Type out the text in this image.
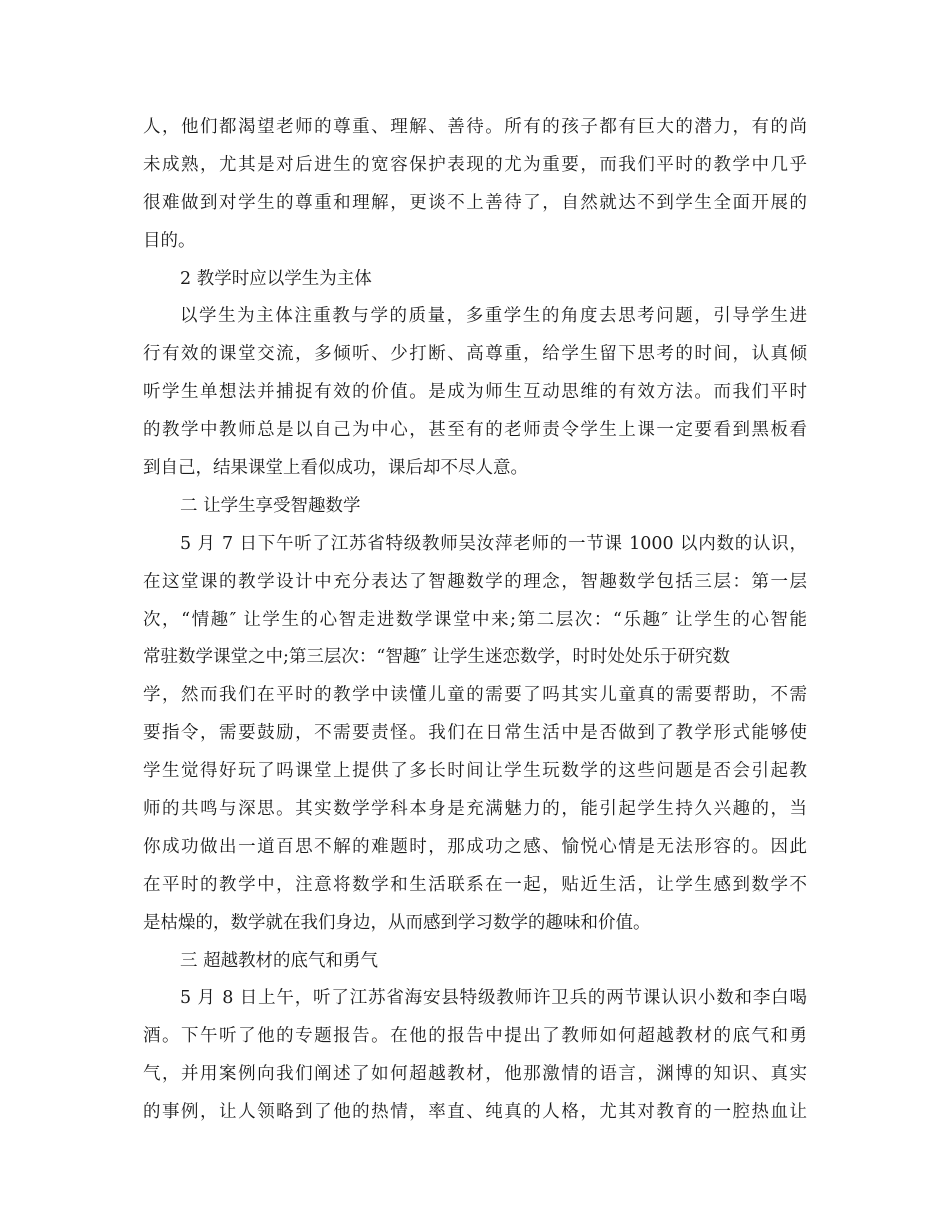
人，他们都渴望老师的尊重、理解、善待。所有的孩子都有巨大的潜力，有的尚
未成熟，尤其是对后进生的宽容保护表现的尤为重要，而我们平时的教学中几乎
很难做到对学生的尊重和理解，更谈不上善待了，自然就达不到学生全面开展的
目的。
2 教学时应以学生为主体
以学生为主体注重教与学的质量，多重学生的角度去思考问题，引导学生进
行有效的课堂交流，多倾听、少打断、高尊重，给学生留下思考的时间，认真倾
听学生单想法并捕捉有效的价值。是成为师生互动思维的有效方法。而我们平时
的教学中教师总是以自己为中心，甚至有的老师责令学生上课一定要看到黑板看
到自己，结果课堂上看似成功，课后却不尽人意。
二 让学生享受智趣数学
5 月 7 日下午听了江苏省特级教师吴汝萍老师的一节课 1000 以内数的认识，
在这堂课的教学设计中充分表达了智趣数学的理念，智趣数学包括三层：第一层
次，“情趣″ 让学生的心智走进数学课堂中来;第二层次：“乐趣″ 让学生的心智能
常驻数学课堂之中;第三层次：“智趣″ 让学生迷恋数学，时时处处乐于研究数
学，然而我们在平时的教学中读懂儿童的需要了吗其实儿童真的需要帮助，不需
要指令，需要鼓励，不需要责怪。我们在日常生活中是否做到了教学形式能够使
学生觉得好玩了吗课堂上提供了多长时间让学生玩数学的这些问题是否会引起教
师的共鸣与深思。其实数学学科本身是充满魅力的，能引起学生持久兴趣的，当
你成功做出一道百思不解的难题时，那成功之感、愉悦心情是无法形容的。因此
在平时的教学中，注意将数学和生活联系在一起，贴近生活，让学生感到数学不
是枯燥的，数学就在我们身边，从而感到学习数学的趣味和价值。
三 超越教材的底气和勇气
5 月 8 日上午，听了江苏省海安县特级教师许卫兵的两节课认识小数和李白喝
酒。下午听了他的专题报告。在他的报告中提出了教师如何超越教材的底气和勇
气，并用案例向我们阐述了如何超越教材，他那激情的语言，渊博的知识、真实
的事例，让人领略到了他的热情，率直、纯真的人格，尤其对教育的一腔热血让
